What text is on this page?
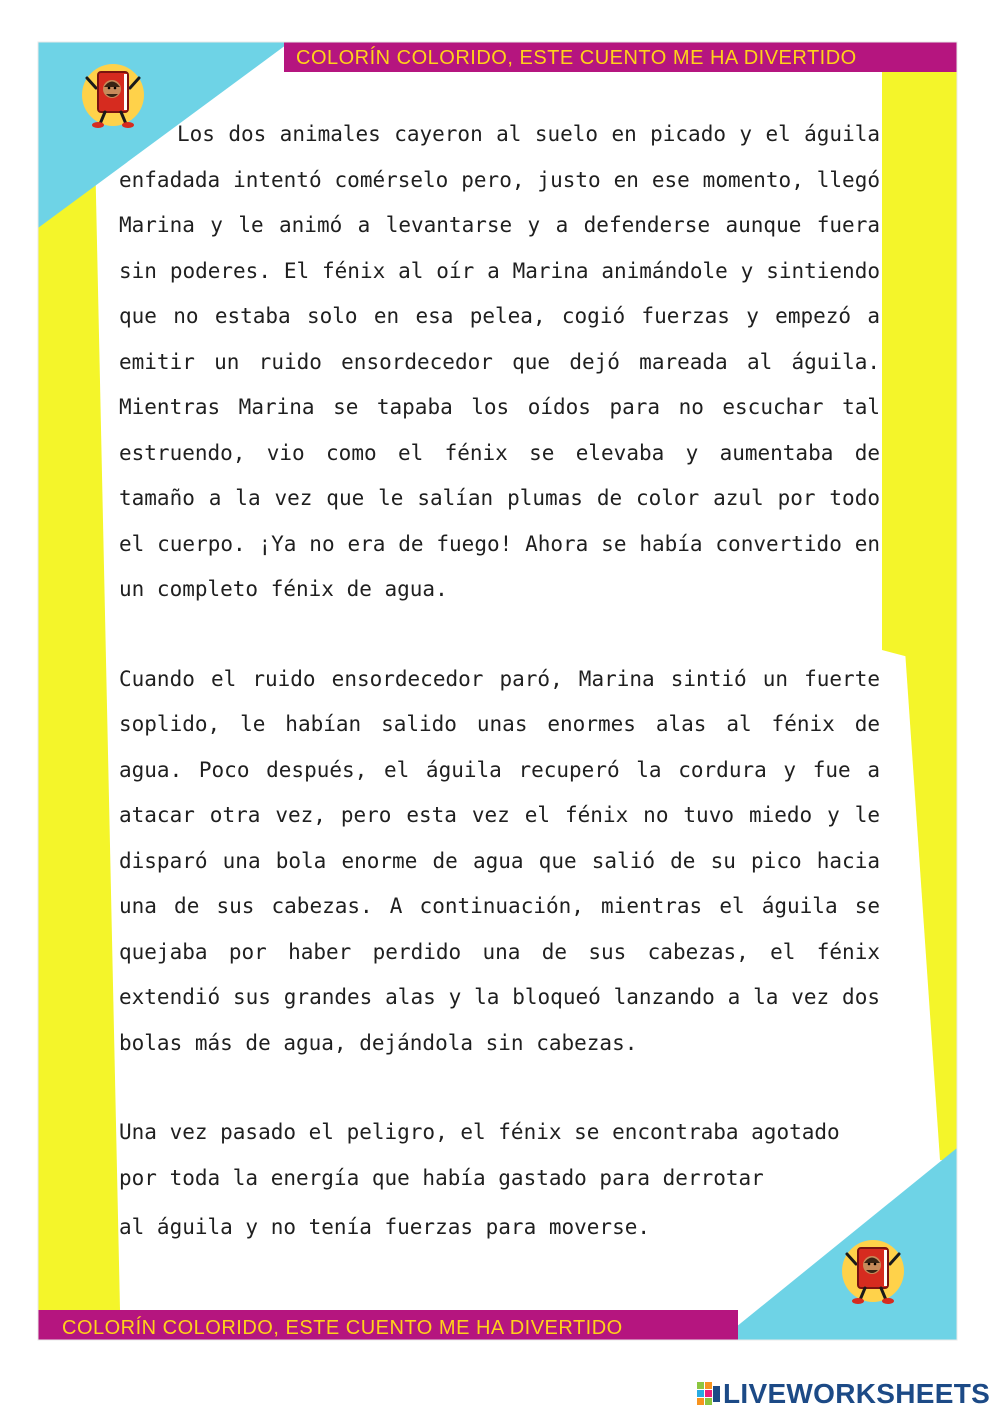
COLORÍN COLORIDO, ESTE CUENTO ME HA DIVERTIDO
COLORÍN COLORIDO, ESTE CUENTO ME HA DIVERTIDO

Los dos animales cayeron al suelo en picado y el águila enfadada intentó comérselo pero, justo en ese momento, llegó Marina y le animó a levantarse y a defenderse aunque fuera sin poderes. El fénix al oír a Marina animándole y sintiendo que no estaba solo en esa pelea, cogió fuerzas y empezó a emitir un ruido ensordecedor que dejó mareada al águila. Mientras Marina se tapaba los oídos para no escuchar tal estruendo, vio como el fénix se elevaba y aumentaba de tamaño a la vez que le salían plumas de color azul por todo el cuerpo. ¡Ya no era de fuego! Ahora se había convertido en un completo fénix de agua.

Cuando el ruido ensordecedor paró, Marina sintió un fuerte soplido, le habían salido unas enormes alas al fénix de agua. Poco después, el águila recuperó la cordura y fue a atacar otra vez, pero esta vez el fénix no tuvo miedo y le disparó una bola enorme de agua que salió de su pico hacia una de sus cabezas. A continuación, mientras el águila se quejaba por haber perdido una de sus cabezas, el fénix extendió sus grandes alas y la bloqueó lanzando a la vez dos bolas más de agua, dejándola sin cabezas.

Una vez pasado el peligro, el fénix se encontraba agotado
por toda la energía que había gastado para derrotar
al águila y no tenía fuerzas para moverse.

LIVEWORKSHEETS
